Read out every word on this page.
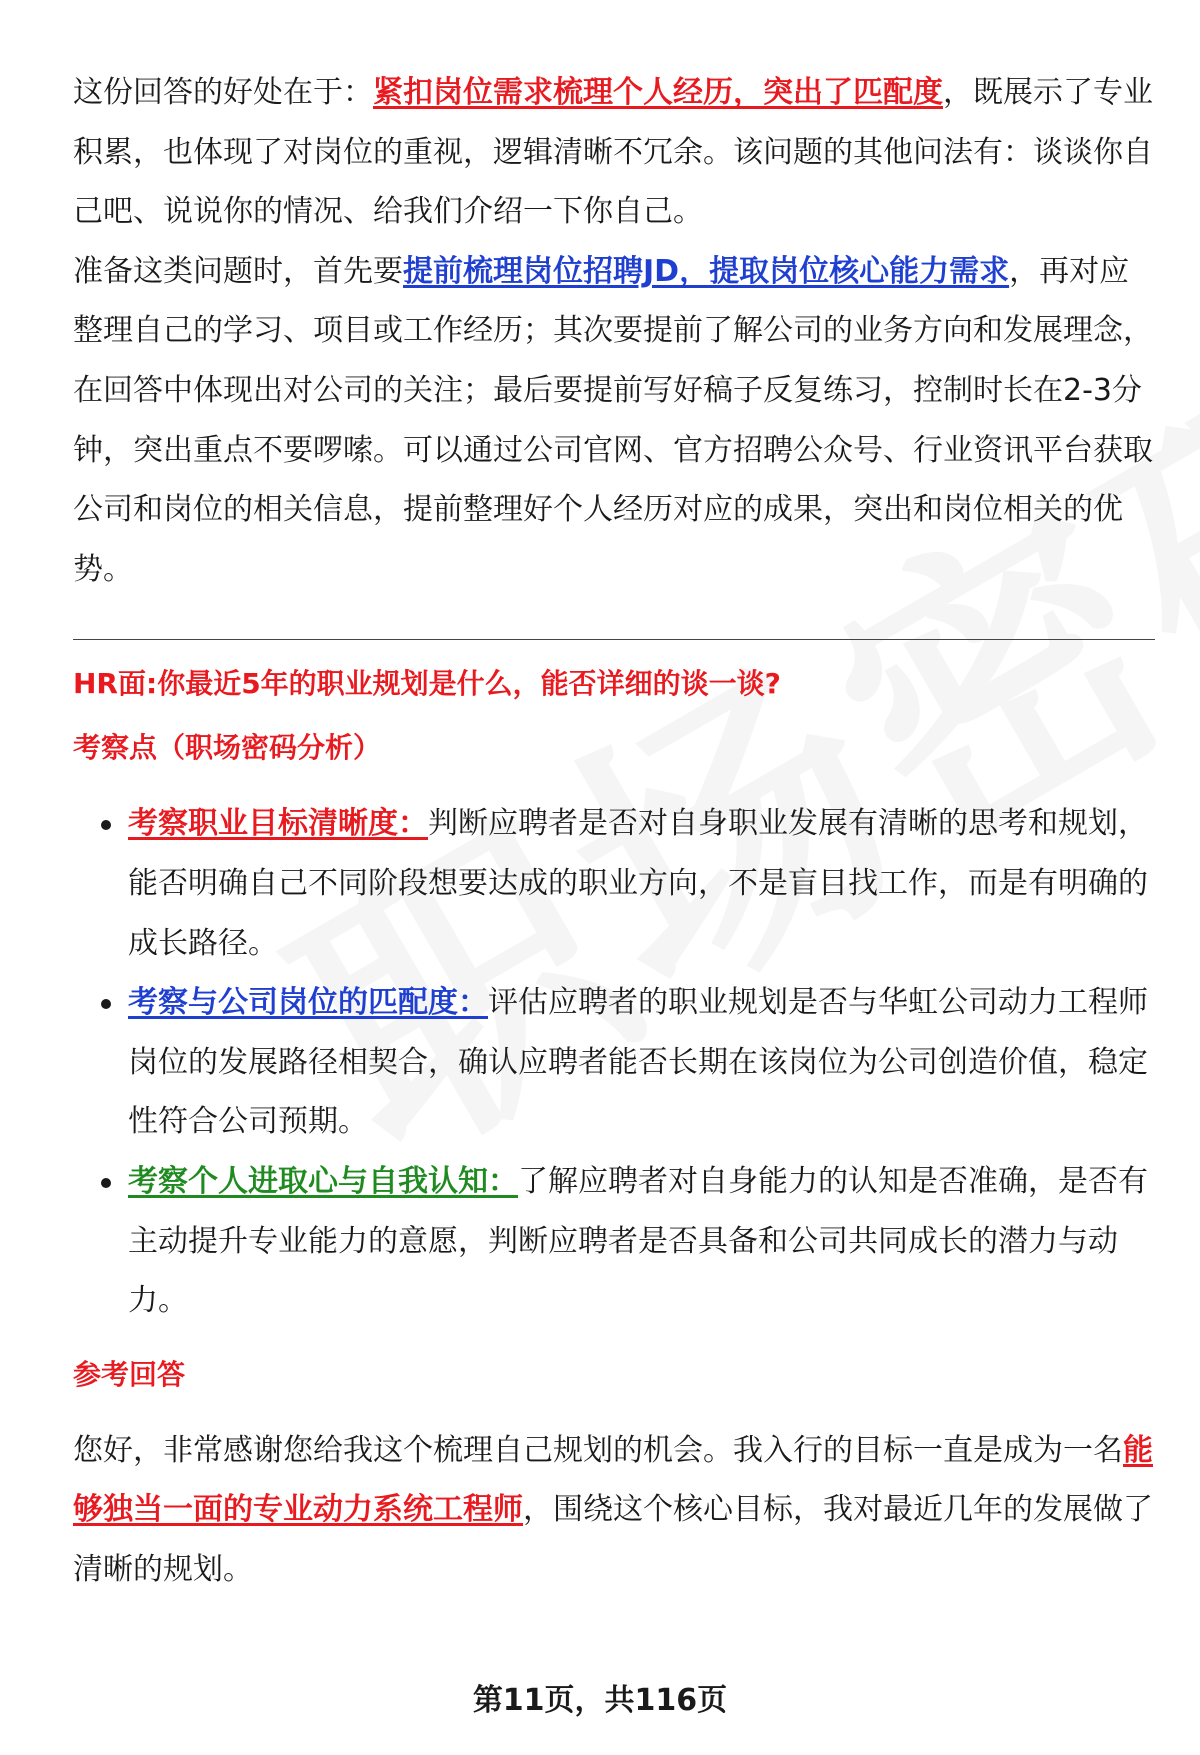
这份回答的好处在于：紧扣岗位需求梳理个人经历，突出了匹配度，既展示了专业积累，也体现了对岗位的重视，逻辑清晰不冗余。该问题的其他问法有：谈谈你自己吧、说说你的情况、给我们介绍一下你自己。

准备这类问题时，首先要提前梳理岗位招聘JD，提取岗位核心能力需求，再对应整理自己的学习、项目或工作经历；其次要提前了解公司的业务方向和发展理念，在回答中体现出对公司的关注；最后要提前写好稿子反复练习，控制时长在2-3分钟，突出重点不要啰嗦。可以通过公司官网、官方招聘公众号、行业资讯平台获取公司和岗位的相关信息，提前整理好个人经历对应的成果，突出和岗位相关的优势。

HR面:你最近5年的职业规划是什么，能否详细的谈一谈?

考察点（职场密码分析）

考察职业目标清晰度：判断应聘者是否对自身职业发展有清晰的思考和规划，能否明确自己不同阶段想要达成的职业方向，不是盲目找工作，而是有明确的成长路径。
考察与公司岗位的匹配度：评估应聘者的职业规划是否与华虹公司动力工程师岗位的发展路径相契合，确认应聘者能否长期在该岗位为公司创造价值，稳定性符合公司预期。
考察个人进取心与自我认知：了解应聘者对自身能力的认知是否准确，是否有主动提升专业能力的意愿，判断应聘者是否具备和公司共同成长的潜力与动力。

参考回答

您好，非常感谢您给我这个梳理自己规划的机会。我入行的目标一直是成为一名能够独当一面的专业动力系统工程师，围绕这个核心目标，我对最近几年的发展做了清晰的规划。

第11页，共116页
